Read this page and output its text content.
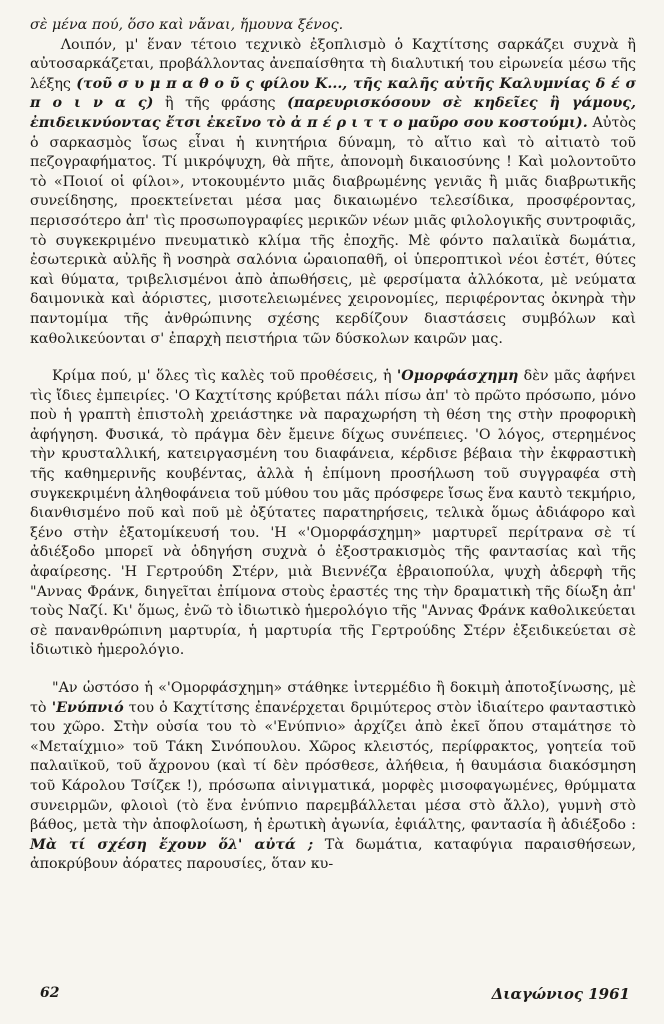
σὲ μένα πού, ὅσο καὶ νἄναι, ἤμουνα ξένος.
Λοιπόν, μ' ἕναν τέτοιο τεχνικὸ ἐξοπλισμὸ ὁ Καχτίτσης σαρκάζει συχνὰ ἢ αὐτοσαρκάζεται, προβάλλοντας ἀνεπαίσθητα τὴ διαλυτική του εἰρωνεία μέσω τῆς λέξης (τοῦ σ υ μ π α θ ο ῦ ς φίλου Κ..., τῆς καλῆς αὐτῆς Καλυμνίας δ έ σ π ο ι ν α ς) ἢ τῆς φράσης (παρευρισκόσουν σὲ κηδεῖες ἢ γάμους, ἐπιδεικνύοντας ἔτσι ἐκεῖνο τὸ ἀ π έ ρ ι τ τ ο μαῦρο σου κοστούμι). Αὐτὸς ὁ σαρκασμὸς ἴσως εἶναι ἡ κινητήρια δύναμη, τὸ αἴτιο καὶ τὸ αἰτιατὸ τοῦ πεζογραφήματος. Τί μικρόψυχη, θὰ πῆτε, ἀπονομὴ δικαιοσύνης ! Καὶ μολοντοῦτο τὸ «Ποιοί οἱ φίλοι», ντοκουμέντο μιᾶς διαβρωμένης γενιᾶς ἢ μιᾶς διαβρωτικῆς συνείδησης, προεκτείνεται μέσα μας δικαιωμένο τελεσίδικα, προσφέροντας, περισσότερο ἀπ' τὶς προσωπογραφίες μερικῶν νέων μιᾶς φιλολογικῆς συντροφιᾶς, τὸ συγκεκριμένο πνευματικὸ κλίμα τῆς ἐποχῆς. Μὲ φόντο παλαιϊκὰ δωμάτια, ἐσωτερικὰ αὐλῆς ἢ νοσηρὰ σαλόνια ὡραιοπαθῆ, οἱ ὑπεροπτικοὶ νέοι ἐστέτ, θύτες καὶ θύματα, τριβελισμένοι ἀπὸ ἀπωθήσεις, μὲ φερσίματα ἀλλόκοτα, μὲ νεύματα δαιμονικὰ καὶ ἀόριστες, μισοτελειωμένες χειρονομίες, περιφέροντας ὀκνηρὰ τὴν παντομίμα τῆς ἀνθρώπινης σχέσης κερδίζουν διαστάσεις συμβόλων καὶ καθολικεύονται σ' ἐπαρχὴ πειστήρια τῶν δύσκολων καιρῶν μας.

Κρίμα πού, μ' ὅλες τὶς καλὲς τοῦ προθέσεις, ἡ 'Ομορφάσχημη δὲν μᾶς ἀφήνει τὶς ἴδιες ἐμπειρίες. 'Ο Καχτίτσης κρύβεται πάλι πίσω ἀπ' τὸ πρῶτο πρόσωπο, μόνο ποὺ ἡ γραπτὴ ἐπιστολὴ χρειάστηκε νὰ παραχωρήση τὴ θέση της στὴν προφορικὴ ἀφήγηση. Φυσικά, τὸ πράγμα δὲν ἔμεινε δίχως συνέπειες. 'Ο λόγος, στερημένος τὴν κρυσταλλική, κατειργασμένη του διαφάνεια, κέρδισε βέβαια τὴν ἐκφραστικὴ τῆς καθημερινῆς κουβέντας, ἀλλὰ ἡ ἐπίμονη προσήλωση τοῦ συγγραφέα στὴ συγκεκριμένη ἀληθοφάνεια τοῦ μύθου του μᾶς πρόσφερε ἴσως ἕνα καυτὸ τεκμήριο, διανθισμένο ποῦ καὶ ποῦ μὲ ὀξύτατες παρατηρήσεις, τελικὰ ὅμως ἀδιάφορο καὶ ξένο στὴν ἐξατομίκευσή του. 'Η «'Ομορφάσχημη» μαρτυρεῖ περίτρανα σὲ τί ἀδιέξοδο μπορεῖ νὰ ὁδηγήση συχνὰ ὁ ἐξοστρακισμὸς τῆς φαντασίας καὶ τῆς ἀφαίρεσης. 'Η Γερτρούδη Στέρν, μιὰ Βιεννέζα ἑβραιοπούλα, ψυχὴ ἀδερφὴ τῆς "Αννας Φράνκ, διηγεῖται ἐπίμονα στοὺς ἐραστές της τὴν δραματικὴ τῆς δίωξη ἀπ' τοὺς Ναζί. Κι' ὅμως, ἐνῶ τὸ ἰδιωτικὸ ἡμερολόγιο τῆς "Αννας Φράνκ καθολικεύεται σὲ πανανθρώπινη μαρτυρία, ἡ μαρτυρία τῆς Γερτρούδης Στέρν ἐξειδικεύεται σὲ ἰδιωτικὸ ἡμερολόγιο.

"Αν ὡστόσο ἡ «'Ομορφάσχημη» στάθηκε ἰντερμέδιο ἢ δοκιμὴ ἀποτοξίνωσης, μὲ τὸ 'Ενύπνιό του ὁ Καχτίτσης ἐπανέρχεται δριμύτερος στὸν ἰδιαίτερο φανταστικὸ του χῶρο. Στὴν οὐσία του τὸ «'Ενύπνιο» ἀρχίζει ἀπὸ ἐκεῖ ὅπου σταμάτησε τὸ «Μεταίχμιο» τοῦ Τάκη Σινόπουλου. Χῶρος κλειστός, περίφρακτος, γοητεία τοῦ παλαιϊκοῦ, τοῦ ἄχρονου (καὶ τί δὲν πρόσθεσε, ἀλήθεια, ἡ θαυμάσια διακόσμηση τοῦ Κάρολου Τσίζεκ !), πρόσωπα αἰνιγματικά, μορφὲς μισοφαγωμένες, θρύμματα συνειρμῶν, φλοιοὶ (τὸ ἕνα ἐνύπνιο παρεμβάλλεται μέσα στὸ ἄλλο), γυμνὴ στὸ βάθος, μετὰ τὴν ἀποφλοίωση, ἡ ἐρωτικὴ ἀγωνία, ἐφιάλτης, φαντασία ἢ ἀδιέξοδο : Μὰ τί σχέση ἔχουν ὅλ' αὐτά ; Τὰ δωμάτια, καταφύγια παραισθήσεων, ἀποκρύβουν ἀόρατες παρουσίες, ὅταν κυ-

62	Διαγώνιος 1961
